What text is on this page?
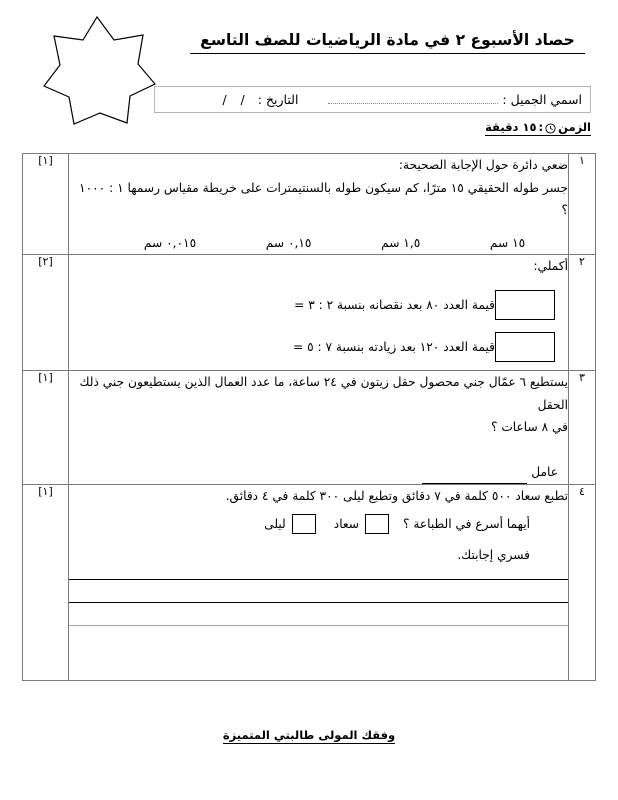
حصاد الأسبوع ٢ في مادة الرياضيات للصف التاسع
اسمي الجميل :
التاريخ :
/ /
الزمن
:
١٥ دقيقة
١	
ضعي دائرة حول الإجابة الصحيحة:
جسر طوله الحقيقي ١٥ مترًا، كم سيكون طوله بالسنتيمترات على خريطة مقياس رسمها ١ : ١٠٠٠ ؟
١٥ سم
١,٥ سم
٠,١٥ سم
٠,٠١٥ سم
	[١]
٢	أكملي:
قيمة العدد ٨٠ بعد نقصانه بنسبة ٢ : ٣ =
قيمة العدد ١٢٠ بعد زيادته بنسبة ٧ : ٥ =	[٢]
٣	يستطيع ٦ عمّال جني محصول حقل زيتون في ٢٤ ساعة، ما عدد العمال الذين يستطيعون جني ذلك الحقل
في ٨ ساعات ؟
عامل	[١]
٤	تطبع سعاد ٥٠٠ كلمة في ٧ دقائق وتطبع ليلى ٣٠٠ كلمة في ٤ دقائق.
أيهما أسرع في الطباعة ؟
سعاد
ليلى
فسري إجابتك.	[١]
وفقك المولى طالبتي المتميزة
